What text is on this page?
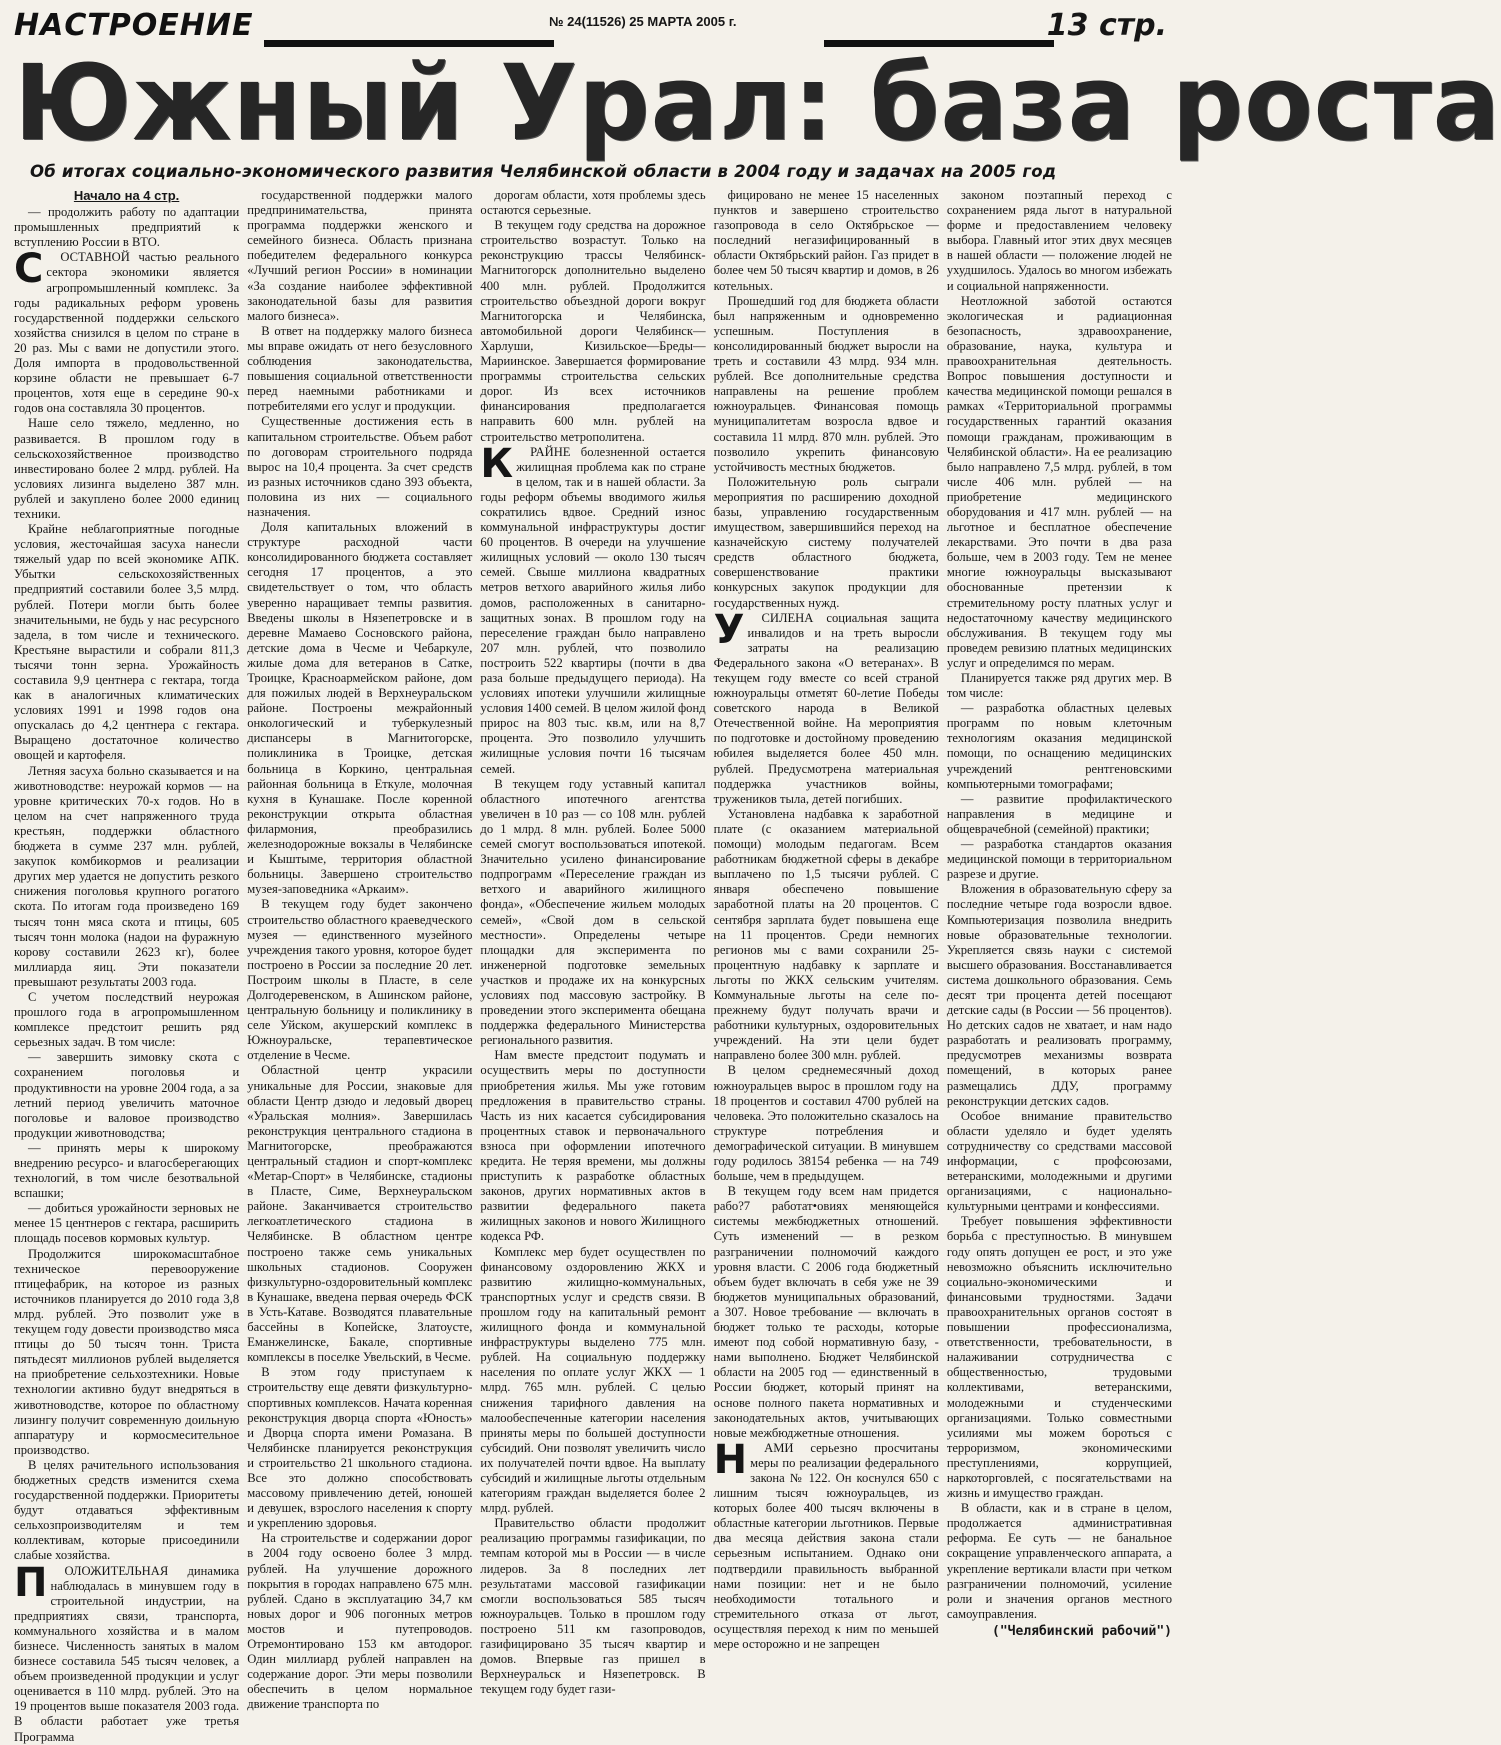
НАСТРОЕНИЕ	№ 24(11526) 25 МАРТА 2005 г.	13 стр.
Южный Урал: база роста
Об итогах социально-экономического развития Челябинской области в 2004 году и задачах на 2005 год
Начало на 4 стр.

— продолжить работу по адаптации промышленных предприятий к вступлению России в ВТО.

СОСТАВНОЙ частью реального сектора экономики является агропромышленный комплекс. За годы радикальных реформ уровень государственной поддержки сельского хозяйства снизился в целом по стране в 20 раз. Мы с вами не допустили этого. Доля импорта в продовольственной корзине области не превышает 6-7 процентов, хотя еще в середине 90-х годов она составляла 30 процентов.

Наше село тяжело, медленно, но развивается. В прошлом году в сельскохозяйственное производство инвестировано более 2 млрд. рублей. На условиях лизинга выделено 387 млн. рублей и закуплено более 2000 единиц техники.

Крайне неблагоприятные погодные условия, жесточайшая засуха нанесли тяжелый удар по всей экономике АПК. Убытки сельскохозяйственных предприятий составили более 3,5 млрд. рублей. Потери могли быть более значительными, не будь у нас ресурсного задела, в том числе и технического. Крестьяне вырастили и собрали 811,3 тысячи тонн зерна. Урожайность составила 9,9 центнера с гектара, тогда как в аналогичных климатических условиях 1991 и 1998 годов она опускалась до 4,2 центнера с гектара. Выращено достаточное количество овощей и картофеля.

Летняя засуха больно сказывается и на животноводстве: неурожай кормов — на уровне критических 70-х годов. Но в целом на счет напряженного труда крестьян, поддержки областного бюджета в сумме 237 млн. рублей, закупок комбикормов и реализации других мер удается не допустить резкого снижения поголовья крупного рогатого скота. По итогам года произведено 169 тысяч тонн мяса скота и птицы, 605 тысяч тонн молока (надои на фуражную корову составили 2623 кг), более миллиарда яиц. Эти показатели превышают результаты 2003 года.

С учетом последствий неурожая прошлого года в агропромышленном комплексе предстоит решить ряд серьезных задач. В том числе:

— завершить зимовку скота с сохранением поголовья и продуктивности на уровне 2004 года, а за летний период увеличить маточное поголовье и валовое производство продукции животноводства;

— принять меры к широкому внедрению ресурсо- и влагосберегающих технологий, в том числе безотвальной вспашки;

— добиться урожайности зерновых не менее 15 центнеров с гектара, расширить площадь посевов кормовых культур.

Продолжится широкомасштабное техническое перевооружение птицефабрик, на которое из разных источников планируется до 2010 года 3,8 млрд. рублей. Это позволит уже в текущем году довести производство мяса птицы до 50 тысяч тонн. Триста пятьдесят миллионов рублей выделяется на приобретение сельхозтехники. Новые технологии активно будут внедряться в животноводстве, которое по областному лизингу получит современную доильную аппаратуру и кормосмесительное производство.

В целях рачительного использования бюджетных средств изменится схема государственной поддержки. Приоритеты будут отдаваться эффективным сельхозпроизводителям и тем коллективам, которые присоединили слабые хозяйства.

ПОЛОЖИТЕЛЬНАЯ динамика наблюдалась в минувшем году в строительной индустрии, на предприятиях связи, транспорта, коммунального хозяйства и в малом бизнесе. Численность занятых в малом бизнесе составила 545 тысяч человек, а объем произведенной продукции и услуг оценивается в 110 млрд. рублей. Это на 19 процентов выше показателя 2003 года. В области работает уже третья Программа

государственной поддержки малого предпринимательства, принята программа поддержки женского и семейного бизнеса. Область признана победителем федерального конкурса «Лучший регион России» в номинации «За создание наиболее эффективной законодательной базы для развития малого бизнеса».

В ответ на поддержку малого бизнеса мы вправе ожидать от него безусловного соблюдения законодательства, повышения социальной ответственности перед наемными работниками и потребителями его услуг и продукции.

Существенные достижения есть в капитальном строительстве. Объем работ по договорам строительного подряда вырос на 10,4 процента. За счет средств из разных источников сдано 393 объекта, половина из них — социального назначения.

Доля капитальных вложений в структуре расходной части консолидированного бюджета составляет сегодня 17 процентов, а это свидетельствует о том, что область уверенно наращивает темпы развития. Введены школы в Нязепетровске и в деревне Мамаево Сосновского района, детские дома в Чесме и Чебаркуле, жилые дома для ветеранов в Сатке, Троицке, Красноармейском районе, дом для пожилых людей в Верхнеуральском районе. Построены межрайонный онкологический и туберкулезный диспансеры в Магнитогорске, поликлиника в Троицке, детская больница в Коркино, центральная районная больница в Еткуле, молочная кухня в Кунашаке. После коренной реконструкции открыта областная филармония, преобразились железнодорожные вокзалы в Челябинске и Кыштыме, территория областной больницы. Завершено строительство музея-заповедника «Аркаим».

В текущем году будет закончено строительство областного краеведческого музея — единственного музейного учреждения такого уровня, которое будет построено в России за последние 20 лет. Построим школы в Пласте, в селе Долгодеревенском, в Ашинском районе, центральную больницу и поликлинику в селе Уйском, акушерский комплекс в Южноуральске, терапевтическое отделение в Чесме.

Областной центр украсили уникальные для России, знаковые для области Центр дзюдо и ледовый дворец «Уральская молния». Завершилась реконструкция центрального стадиона в Магнитогорске, преображаются центральный стадион и спорт-комплекс «Метар-Спорт» в Челябинске, стадионы в Пласте, Симе, Верхнеуральском районе. Заканчивается строительство легкоатлетического стадиона в Челябинске. В областном центре построено также семь уникальных школьных стадионов. Сооружен физкультурно-оздоровительный комплекс в Кунашаке, введена первая очередь ФСК в Усть-Катаве. Возводятся плавательные бассейны в Копейске, Златоусте, Еманжелинске, Бакале, спортивные комплексы в поселке Увельский, в Чесме.

В этом году приступаем к строительству еще девяти физкультурно-спортивных комплексов. Начата коренная реконструкция дворца спорта «Юность» и Дворца спорта имени Ромазана. В Челябинске планируется реконструкция и строительство 21 школьного стадиона. Все это должно способствовать массовому привлечению детей, юношей и девушек, взрослого населения к спорту и укреплению здоровья.

На строительстве и содержании дорог в 2004 году освоено более 3 млрд. рублей. На улучшение дорожного покрытия в городах направлено 675 млн. рублей. Сдано в эксплуатацию 34,7 км новых дорог и 906 погонных метров мостов и путепроводов. Отремонтировано 153 км автодорог. Один миллиард рублей направлен на содержание дорог. Эти меры позволили обеспечить в целом нормальное движение транспорта по

дорогам области, хотя проблемы здесь остаются серьезные.

В текущем году средства на дорожное строительство возрастут. Только на реконструкцию трассы Челябинск-Магнитогорск дополнительно выделено 400 млн. рублей. Продолжится строительство объездной дороги вокруг Магнитогорска и Челябинска, автомобильной дороги Челябинск—Харлуши, Кизильское—Бреды—Мариинское. Завершается формирование программы строительства сельских дорог. Из всех источников финансирования предполагается направить 600 млн. рублей на строительство метрополитена.

КРАЙНЕ болезненной остается жилищная проблема как по стране в целом, так и в нашей области. За годы реформ объемы вводимого жилья сократились вдвое. Средний износ коммунальной инфраструктуры достиг 60 процентов. В очереди на улучшение жилищных условий — около 130 тысяч семей. Свыше миллиона квадратных метров ветхого аварийного жилья либо домов, расположенных в санитарно-защитных зонах. В прошлом году на переселение граждан было направлено 207 млн. рублей, что позволило построить 522 квартиры (почти в два раза больше предыдущего периода). На условиях ипотеки улучшили жилищные условия 1400 семей. В целом жилой фонд прирос на 803 тыс. кв.м, или на 8,7 процента. Это позволило улучшить жилищные условия почти 16 тысячам семей.

В текущем году уставный капитал областного ипотечного агентства увеличен в 10 раз — со 108 млн. рублей до 1 млрд. 8 млн. рублей. Более 5000 семей смогут воспользоваться ипотекой. Значительно усилено финансирование подпрограмм «Переселение граждан из ветхого и аварийного жилищного фонда», «Обеспечение жильем молодых семей», «Свой дом в сельской местности». Определены четыре площадки для эксперимента по инженерной подготовке земельных участков и продаже их на конкурсных условиях под массовую застройку. В проведении этого эксперимента обещана поддержка федерального Министерства регионального развития.

Нам вместе предстоит подумать и осуществить меры по доступности приобретения жилья. Мы уже готовим предложения в правительство страны. Часть из них касается субсидирования процентных ставок и первоначального взноса при оформлении ипотечного кредита. Не теряя времени, мы должны приступить к разработке областных законов, других нормативных актов в развитии федерального пакета жилищных законов и нового Жилищного кодекса РФ.

Комплекс мер будет осуществлен по финансовому оздоровлению ЖКХ и развитию жилищно-коммунальных, транспортных услуг и средств связи. В прошлом году на капитальный ремонт жилищного фонда и коммунальной инфраструктуры выделено 775 млн. рублей. На социальную поддержку населения по оплате услуг ЖКХ — 1 млрд. 765 млн. рублей. С целью снижения тарифного давления на малообеспеченные категории населения приняты меры по большей доступности субсидий. Они позволят увеличить число их получателей почти вдвое. На выплату субсидий и жилищные льготы отдельным категориям граждан выделяется более 2 млрд. рублей.

Правительство области продолжит реализацию программы газификации, по темпам которой мы в России — в числе лидеров. За 8 последних лет результатами массовой газификации смогли воспользоваться 585 тысяч южноуральцев. Только в прошлом году построено 511 км газопроводов, газифицировано 35 тысяч квартир и домов. Впервые газ пришел в Верхнеуральск и Нязепетровск. В текущем году будет гази-

фицировано не менее 15 населенных пунктов и завершено строительство газопровода в село Октябрьское — последний негазифицированный в области Октябрьский район. Газ придет в более чем 50 тысяч квартир и домов, в 26 котельных.

Прошедший год для бюджета области был напряженным и одновременно успешным. Поступления в консолидированный бюджет выросли на треть и составили 43 млрд. 934 млн. рублей. Все дополнительные средства направлены на решение проблем южноуральцев. Финансовая помощь муниципалитетам возросла вдвое и составила 11 млрд. 870 млн. рублей. Это позволило укрепить финансовую устойчивость местных бюджетов.

Положительную роль сыграли мероприятия по расширению доходной базы, управлению государственным имуществом, завершившийся переход на казначейскую систему получателей средств областного бюджета, совершенствование практики конкурсных закупок продукции для государственных нужд.

УСИЛЕНА социальная защита инвалидов и на треть выросли затраты на реализацию Федерального закона «О ветеранах». В текущем году вместе со всей страной южноуральцы отметят 60-летие Победы советского народа в Великой Отечественной войне. На мероприятия по подготовке и достойному проведению юбилея выделяется более 450 млн. рублей. Предусмотрена материальная поддержка участников войны, тружеников тыла, детей погибших.

Установлена надбавка к заработной плате (с оказанием материальной помощи) молодым педагогам. Всем работникам бюджетной сферы в декабре выплачено по 1,5 тысячи рублей. С января обеспечено повышение заработной платы на 20 процентов. С сентября зарплата будет повышена еще на 11 процентов. Среди немногих регионов мы с вами сохранили 25-процентную надбавку к зарплате и льготы по ЖКХ сельским учителям. Коммунальные льготы на селе по-прежнему будут получать врачи и работники культурных, оздоровительных учреждений. На эти цели будет направлено более 300 млн. рублей.

В целом среднемесячный доход южноуральцев вырос в прошлом году на 18 процентов и составил 4700 рублей на человека. Это положительно сказалось на структуре потребления и демографической ситуации. В минувшем году родилось 38154 ребенка — на 749 больше, чем в предыдущем.

В текущем году всем нам придется рабо?7 работат•овиях меняющейся системы межбюджетных отношений. Суть изменений — в резком разграничении полномочий каждого уровня власти. С 2006 года бюджетный объем будет включать в себя уже не 39 бюджетов муниципальных образований, а 307. Новое требование — включать в бюджет только те расходы, которые имеют под собой нормативную базу, - нами выполнено. Бюджет Челябинской области на 2005 год — единственный в России бюджет, который принят на основе полного пакета нормативных и законодательных актов, учитывающих новые межбюджетные отношения.

НАМИ серьезно просчитаны меры по реализации федерального закона № 122. Он коснулся 650 с лишним тысяч южноуральцев, из которых более 400 тысяч включены в областные категории льготников. Первые два месяца действия закона стали серьезным испытанием. Однако они подтвердили правильность выбранной нами позиции: нет и не было необходимости тотального и стремительного отказа от льгот, осуществляя переход к ним по меньшей мере осторожно и не запрещен

законом поэтапный переход с сохранением ряда льгот в натуральной форме и предоставлением человеку выбора. Главный итог этих двух месяцев в нашей области — положение людей не ухудшилось. Удалось во многом избежать и социальной напряженности.

Неотложной заботой остаются экологическая и радиационная безопасность, здравоохранение, образование, наука, культура и правоохранительная деятельность. Вопрос повышения доступности и качества медицинской помощи решался в рамках «Территориальной программы государственных гарантий оказания помощи гражданам, проживающим в Челябинской области». На ее реализацию было направлено 7,5 млрд. рублей, в том числе 406 млн. рублей — на приобретение медицинского оборудования и 417 млн. рублей — на льготное и бесплатное обеспечение лекарствами. Это почти в два раза больше, чем в 2003 году. Тем не менее многие южноуральцы высказывают обоснованные претензии к стремительному росту платных услуг и недостаточному качеству медицинского обслуживания. В текущем году мы проведем ревизию платных медицинских услуг и определимся по мерам.

Планируется также ряд других мер. В том числе:

— разработка областных целевых программ по новым клеточным технологиям оказания медицинской помощи, по оснащению медицинских учреждений рентгеновскими компьютерными томографами;

— развитие профилактического направления в медицине и общеврачебной (семейной) практики;

— разработка стандартов оказания медицинской помощи в территориальном разрезе и другие.

Вложения в образовательную сферу за последние четыре года возросли вдвое. Компьютеризация позволила внедрить новые образовательные технологии. Укрепляется связь науки с системой высшего образования. Восстанавливается система дошкольного образования. Семь десят три процента детей посещают детские сады (в России — 56 процентов). Но детских садов не хватает, и нам надо разработать и реализовать программу, предусмотрев механизмы возврата помещений, в которых ранее размещались ДДУ, программу реконструкции детских садов.

Особое внимание правительство области уделяло и будет уделять сотрудничеству со средствами массовой информации, с профсоюзами, ветеранскими, молодежными и другими организациями, с национально-культурными центрами и конфессиями.

Требует повышения эффективности борьба с преступностью. В минувшем году опять допущен ее рост, и это уже невозможно объяснить исключительно социально-экономическими и финансовыми трудностями. Задачи правоохранительных органов состоят в повышении профессионализма, ответственности, требовательности, в налаживании сотрудничества с общественностью, трудовыми коллективами, ветеранскими, молодежными и студенческими организациями. Только совместными усилиями мы можем бороться с терроризмом, экономическими преступлениями, коррупцией, наркоторговлей, с посягательствами на жизнь и имущество граждан.

В области, как и в стране в целом, продолжается административная реформа. Ее суть — не банальное сокращение управленческого аппарата, а укрепление вертикали власти при четком разграничении полномочий, усиление роли и значения органов местного самоуправления.

("Челябинский рабочий")
